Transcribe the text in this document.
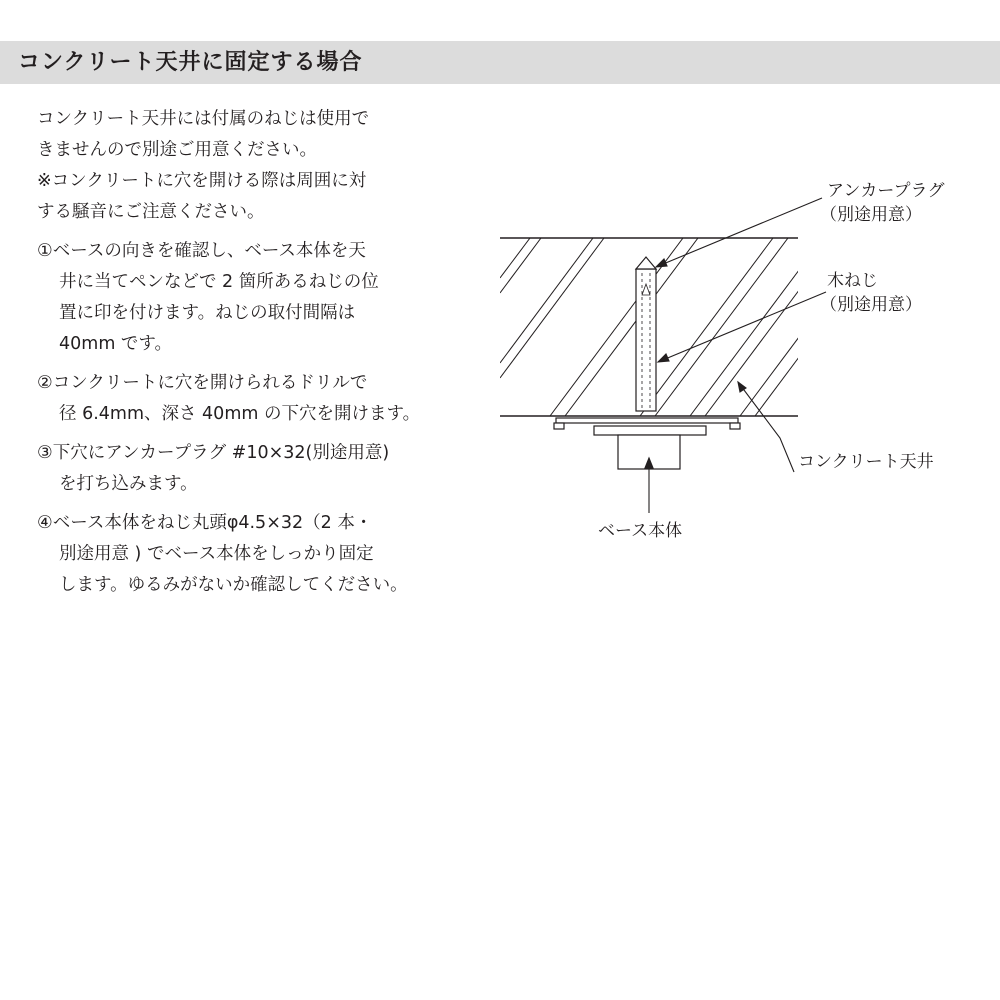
コンクリート天井に固定する場合

コンクリート天井には付属のねじは使用で
きませんので別途ご用意ください。
※コンクリートに穴を開ける際は周囲に対
する騒音にご注意ください。

①ベースの向きを確認し、ベース本体を天
井に当てペンなどで 2 箇所あるねじの位
置に印を付けます。ねじの取付間隔は
40mm です。

②コンクリートに穴を開けられるドリルで
径 6.4mm、深さ 40mm の下穴を開けます。

③下穴にアンカープラグ #10×32(別途用意)
を打ち込みます。

④ベース本体をねじ丸頭φ4.5×32（2 本・
別途用意 ) でベース本体をしっかり固定
します。ゆるみがないか確認してください。

アンカープラグ
（別途用意）
木ねじ
（別途用意）
コンクリート天井
ベース本体
